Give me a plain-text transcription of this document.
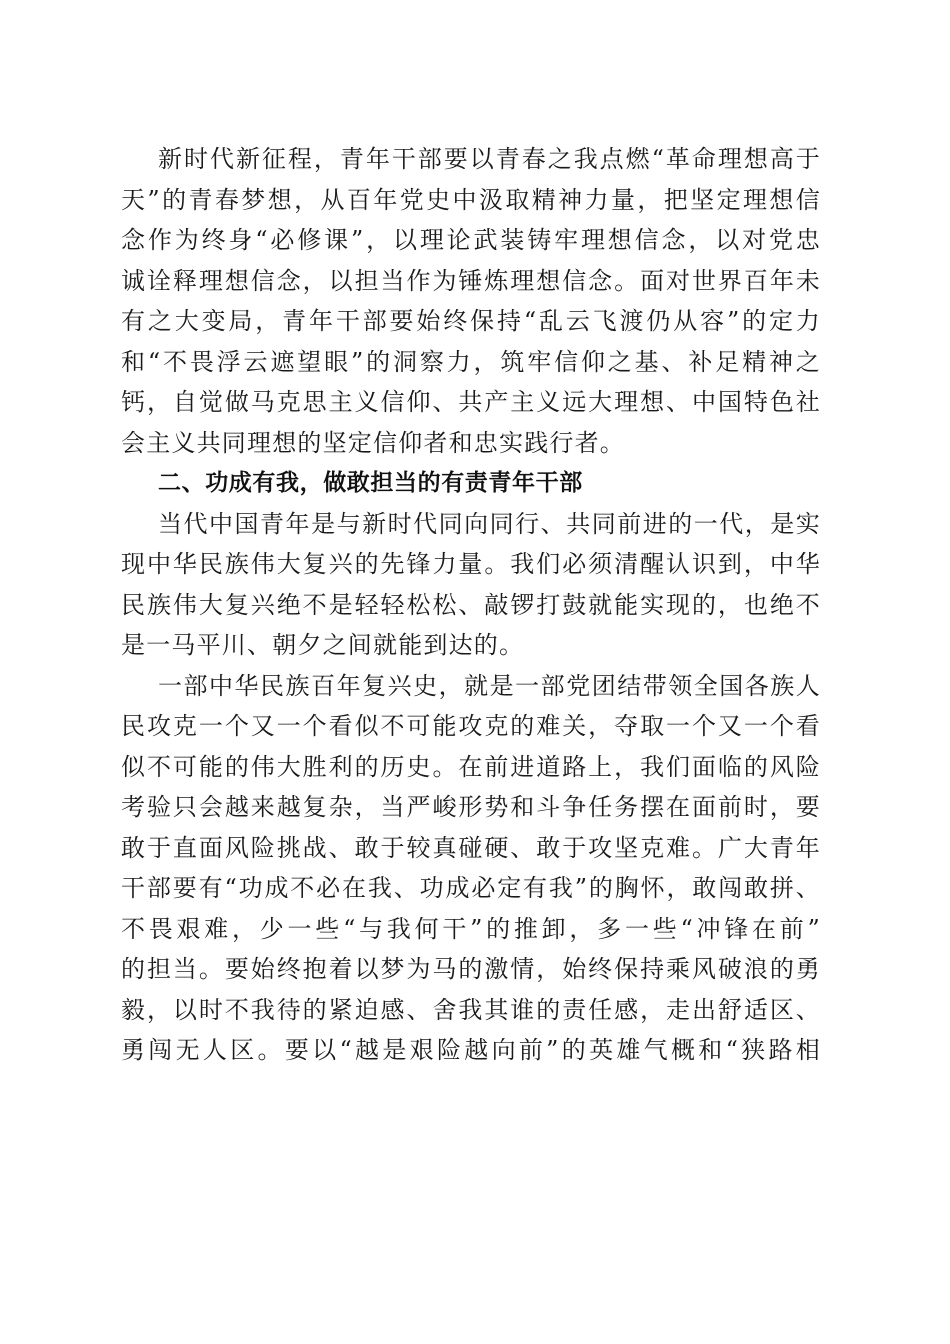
新时代新征程，青年干部要以青春之我点燃“革命理想高于
天”的青春梦想，从百年党史中汲取精神力量，把坚定理想信
念作为终身“必修课”，以理论武装铸牢理想信念，以对党忠
诚诠释理想信念，以担当作为锤炼理想信念。面对世界百年未
有之大变局，青年干部要始终保持“乱云飞渡仍从容”的定力
和“不畏浮云遮望眼”的洞察力，筑牢信仰之基、补足精神之
钙，自觉做马克思主义信仰、共产主义远大理想、中国特色社
会主义共同理想的坚定信仰者和忠实践行者。
二、功成有我，做敢担当的有责青年干部
当代中国青年是与新时代同向同行、共同前进的一代，是实
现中华民族伟大复兴的先锋力量。我们必须清醒认识到，中华
民族伟大复兴绝不是轻轻松松、敲锣打鼓就能实现的，也绝不
是一马平川、朝夕之间就能到达的。
一部中华民族百年复兴史，就是一部党团结带领全国各族人
民攻克一个又一个看似不可能攻克的难关，夺取一个又一个看
似不可能的伟大胜利的历史。在前进道路上，我们面临的风险
考验只会越来越复杂，当严峻形势和斗争任务摆在面前时，要
敢于直面风险挑战、敢于较真碰硬、敢于攻坚克难。广大青年
干部要有“功成不必在我、功成必定有我”的胸怀，敢闯敢拼、
不畏艰难，少一些“与我何干”的推卸，多一些“冲锋在前”
的担当。要始终抱着以梦为马的激情，始终保持乘风破浪的勇
毅，以时不我待的紧迫感、舍我其谁的责任感，走出舒适区、
勇闯无人区。要以“越是艰险越向前”的英雄气概和“狭路相
